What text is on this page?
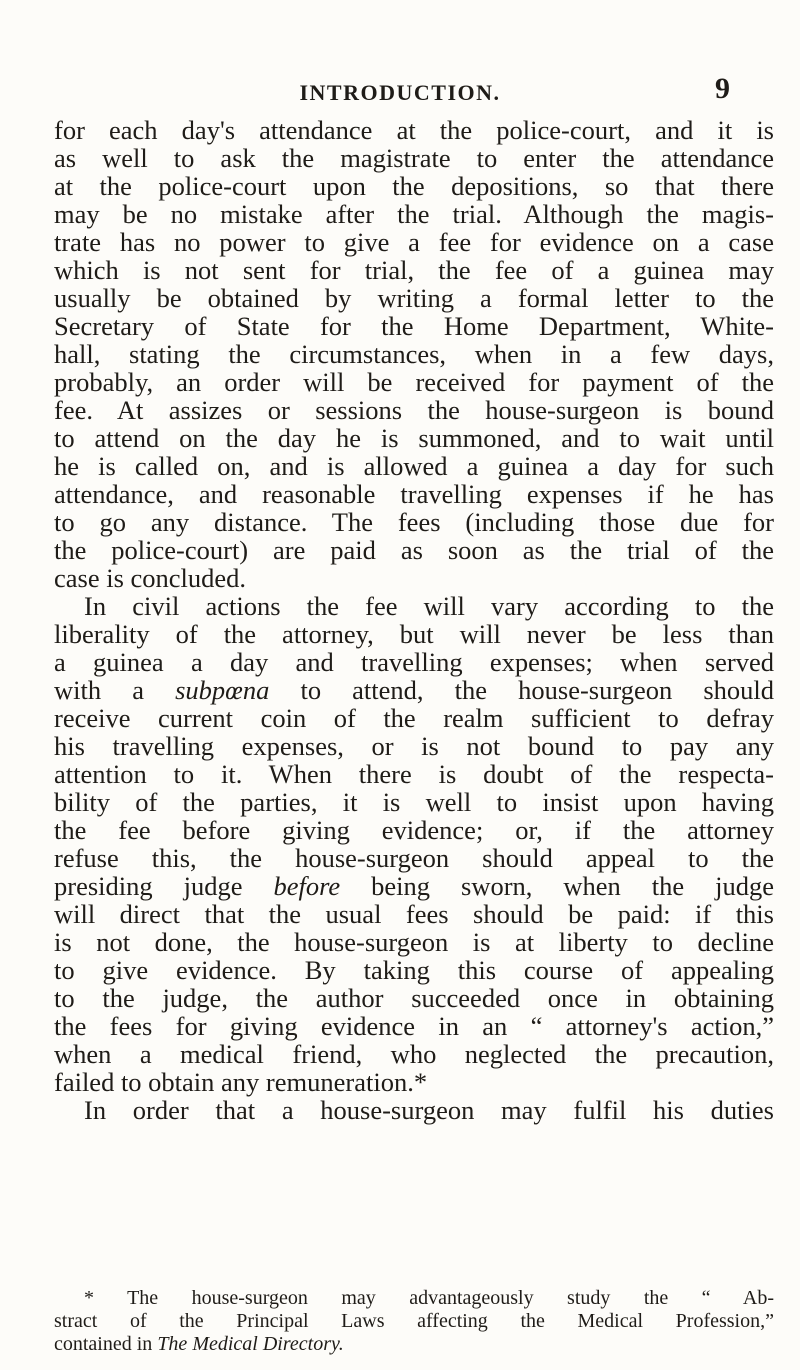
INTRODUCTION.	9
for each day's attendance at the police-court, and it is
as well to ask the magistrate to enter the attendance
at the police-court upon the depositions, so that there
may be no mistake after the trial. Although the magis-
trate has no power to give a fee for evidence on a case
which is not sent for trial, the fee of a guinea may
usually be obtained by writing a formal letter to the
Secretary of State for the Home Department, White-
hall, stating the circumstances, when in a few days,
probably, an order will be received for payment of the
fee. At assizes or sessions the house-surgeon is bound
to attend on the day he is summoned, and to wait until
he is called on, and is allowed a guinea a day for such
attendance, and reasonable travelling expenses if he has
to go any distance. The fees (including those due for
the police-court) are paid as soon as the trial of the
case is concluded.
In civil actions the fee will vary according to the
liberality of the attorney, but will never be less than
a guinea a day and travelling expenses; when served
with a subpœna to attend, the house-surgeon should
receive current coin of the realm sufficient to defray
his travelling expenses, or is not bound to pay any
attention to it. When there is doubt of the respecta-
bility of the parties, it is well to insist upon having
the fee before giving evidence; or, if the attorney
refuse this, the house-surgeon should appeal to the
presiding judge before being sworn, when the judge
will direct that the usual fees should be paid: if this
is not done, the house-surgeon is at liberty to decline
to give evidence. By taking this course of appealing
to the judge, the author succeeded once in obtaining
the fees for giving evidence in an “ attorney's action,”
when a medical friend, who neglected the precaution,
failed to obtain any remuneration.*
In order that a house-surgeon may fulfil his duties
* The house-surgeon may advantageously study the “ Ab-
stract of the Principal Laws affecting the Medical Profession,”
contained in The Medical Directory.
